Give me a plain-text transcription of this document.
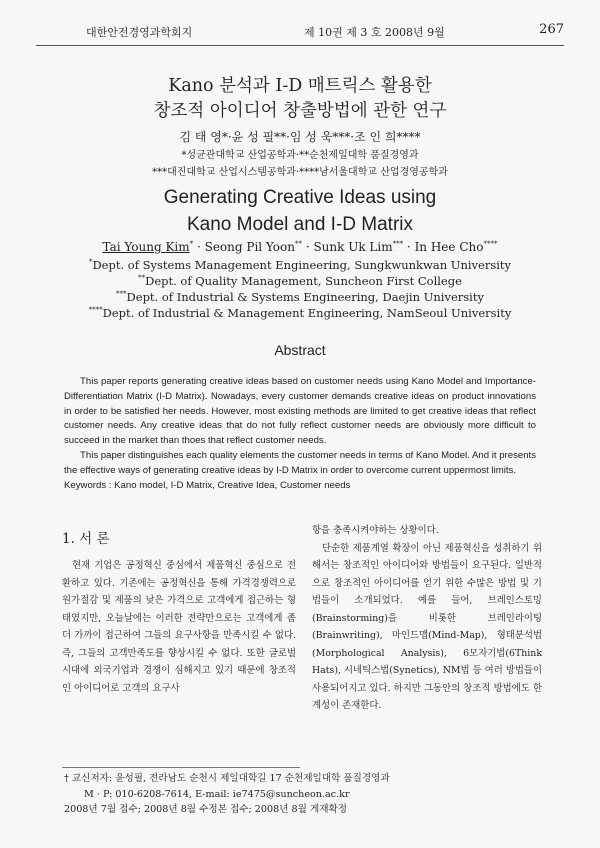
대한안전경영과학회지	제 10권 제 3 호 2008년 9월	267
Kano 분석과 I-D 매트릭스 활용한
창조적 아이디어 창출방법에 관한 연구
김 태 영*·윤 성 필**·임 성 욱***·조 인 희****
*성균관대학교 산업공학과·**순천제일대학 품질경영과
***대진대학교 산업시스템공학과·****남서울대학교 산업경영공학과
Generating Creative Ideas using
Kano Model and I-D Matrix
Tai Young Kim* · Seong Pil Yoon** · Sunk Uk Lim*** · In Hee Cho****
*Dept. of Systems Management Engineering, Sungkwunkwan University
**Dept. of Quality Management, Suncheon First College
***Dept. of Industrial & Systems Engineering, Daejin University
****Dept. of Industrial & Management Engineering, NamSeoul University
Abstract

This paper reports generating creative ideas based on customer needs using Kano Model and Importance-Differentiation Matrix (I-D Matrix). Nowadays, every customer demands creative ideas on product innovations in order to be satisfied her needs. However, most existing methods are limited to get creative ideas that reflect customer needs. Any creative ideas that do not fully reflect customer needs are obviously more difficult to succeed in the market than thoes that reflect customer needs.

This paper distinguishes each quality elements the customer needs in terms of Kano Model. And it presents the effective ways of generating creative ideas by I-D Matrix in order to overcome current uppermost limits.

Keywords : Kano model, I-D Matrix, Creative Idea, Customer needs

1. 서 론

현재 기업은 공정혁신 중심에서 제품혁신 중심으로 전환하고 있다. 기존에는 공정혁신을 통해 가격경쟁력으로 원가절감 및 제품의 낮은 가격으로 고객에게 접근하는 형태였지만, 오늘날에는 이러한 전략만으로는 고객에게 좀 더 가까이 접근하여 그들의 요구사항을 만족시킬 수 없다. 즉, 그들의 고객만족도를 향상시킬 수 없다. 또한 글로벌 시대에 외국기업과 경쟁이 심해지고 있기 때문에 창조적인 아이디어로 고객의 요구사

항을 충족시켜야하는 상황이다.

단순한 제품계열 확장이 아닌 제품혁신을 성취하기 위해서는 창조적인 아이디어와 방법들이 요구된다. 일반적으로 창조적인 아이디어를 얻기 위한 수많은 방법 및 기법들이 소개되었다. 예를 들어, 브레인스토밍(Brainstorming)을 비롯한 브레인라이팅(Brainwriting), 마인드맵(Mind-Map), 형태분석법(Morphological Analysis), 6모자기법(6Think Hats), 시네틱스법(Synetics), NM법 등 여러 방법들이 사용되어지고 있다. 하지만 그동안의 창조적 방법에도 한계성이 존재한다.

† 교신저자: 윤성필, 전라남도 순천시 제일대학길 17 순천제일대학 품질경영과
M · P: 010-6208-7614, E-mail: ie7475@suncheon.ac.kr
2008년 7월 접수; 2008년 8월 수정본 접수; 2008년 8월 게재확정
